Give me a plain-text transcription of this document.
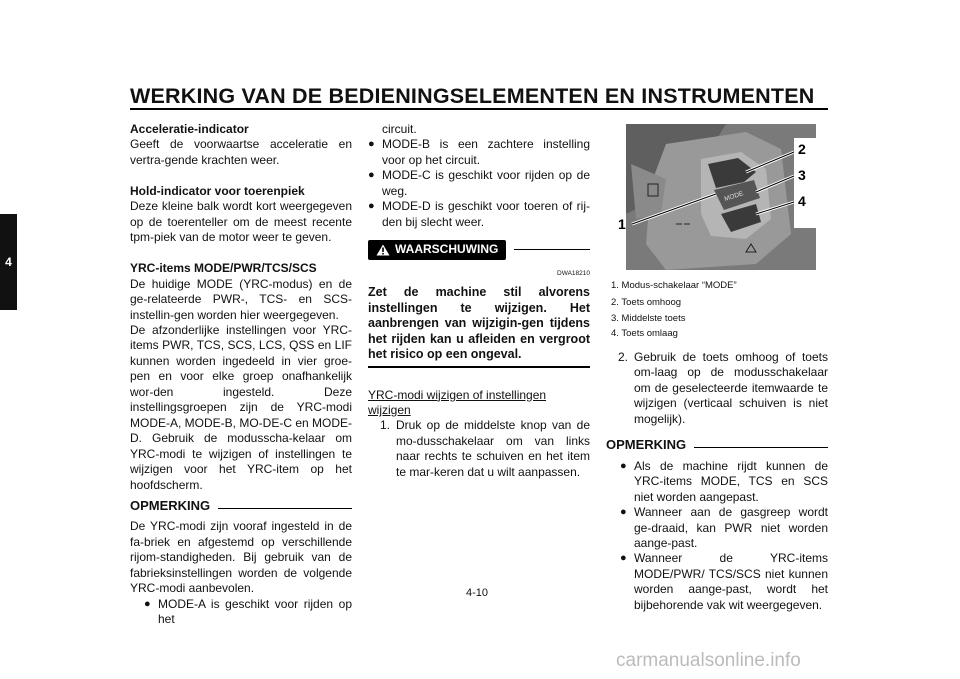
WERKING VAN DE BEDIENINGSELEMENTEN EN INSTRUMENTEN
4

Acceleratie-indicator

Geeft de voorwaartse acceleratie en vertra-gende krachten weer.

Hold-indicator voor toerenpiek

Deze kleine balk wordt kort weergegeven op de toerenteller om de meest recente tpm-piek van de motor weer te geven.

YRC-items MODE/PWR/TCS/SCS

De huidige MODE (YRC-modus) en de ge-relateerde PWR-, TCS- en SCS-instellin-gen worden hier weergegeven.

De afzonderlijke instellingen voor YRC-items PWR, TCS, SCS, LCS, QSS en LIF kunnen worden ingedeeld in vier groe-pen en voor elke groep onafhankelijk wor-den ingesteld. Deze instellingsgroepen zijn de YRC-modi MODE-A, MODE-B, MO-DE-C en MODE-D. Gebruik de modusscha-kelaar om YRC-modi te wijzigen of instellingen te wijzigen voor het YRC-item op het hoofdscherm.

OPMERKING

De YRC-modi zijn vooraf ingesteld in de fa-briek en afgestemd op verschillende rijom-standigheden. Bij gebruik van de fabrieksinstellingen worden de volgende YRC-modi aanbevolen.

● MODE-A is geschikt voor rijden op het
circuit.
● MODE-B is een zachtere instelling voor op het circuit.
● MODE-C is geschikt voor rijden op de weg.
● MODE-D is geschikt voor toeren of rij-den bij slecht weer.
WAARSCHUWING
DWA18210

Zet de machine stil alvorens instellingen te wijzigen. Het aanbrengen van wijzigin-gen tijdens het rijden kan u afleiden en vergroot het risico op een ongeval.

YRC-modi wijzigen of instellingen wijzigen

1. Druk op de middelste knop van de mo-dusschakelaar om van links naar rechts te schuiven en het item te mar-keren dat u wilt aanpassen.
MODE
1
2
3
4
1. Modus-schakelaar “MODE”
2. Toets omhoog
3. Middelste toets
4. Toets omlaag
2. Gebruik de toets omhoog of toets om-laag op de modusschakelaar om de geselecteerde itemwaarde te wijzigen (verticaal schuiven is niet mogelijk).
OPMERKING
● Als de machine rijdt kunnen de YRC-items MODE, TCS en SCS niet worden aangepast.
● Wanneer aan de gasgreep wordt ge-draaid, kan PWR niet worden aange-past.
● Wanneer de YRC-items MODE/PWR/ TCS/SCS niet kunnen worden aange-past, wordt het bijbehorende vak wit weergegeven.
4-10
carmanualsonline.info
